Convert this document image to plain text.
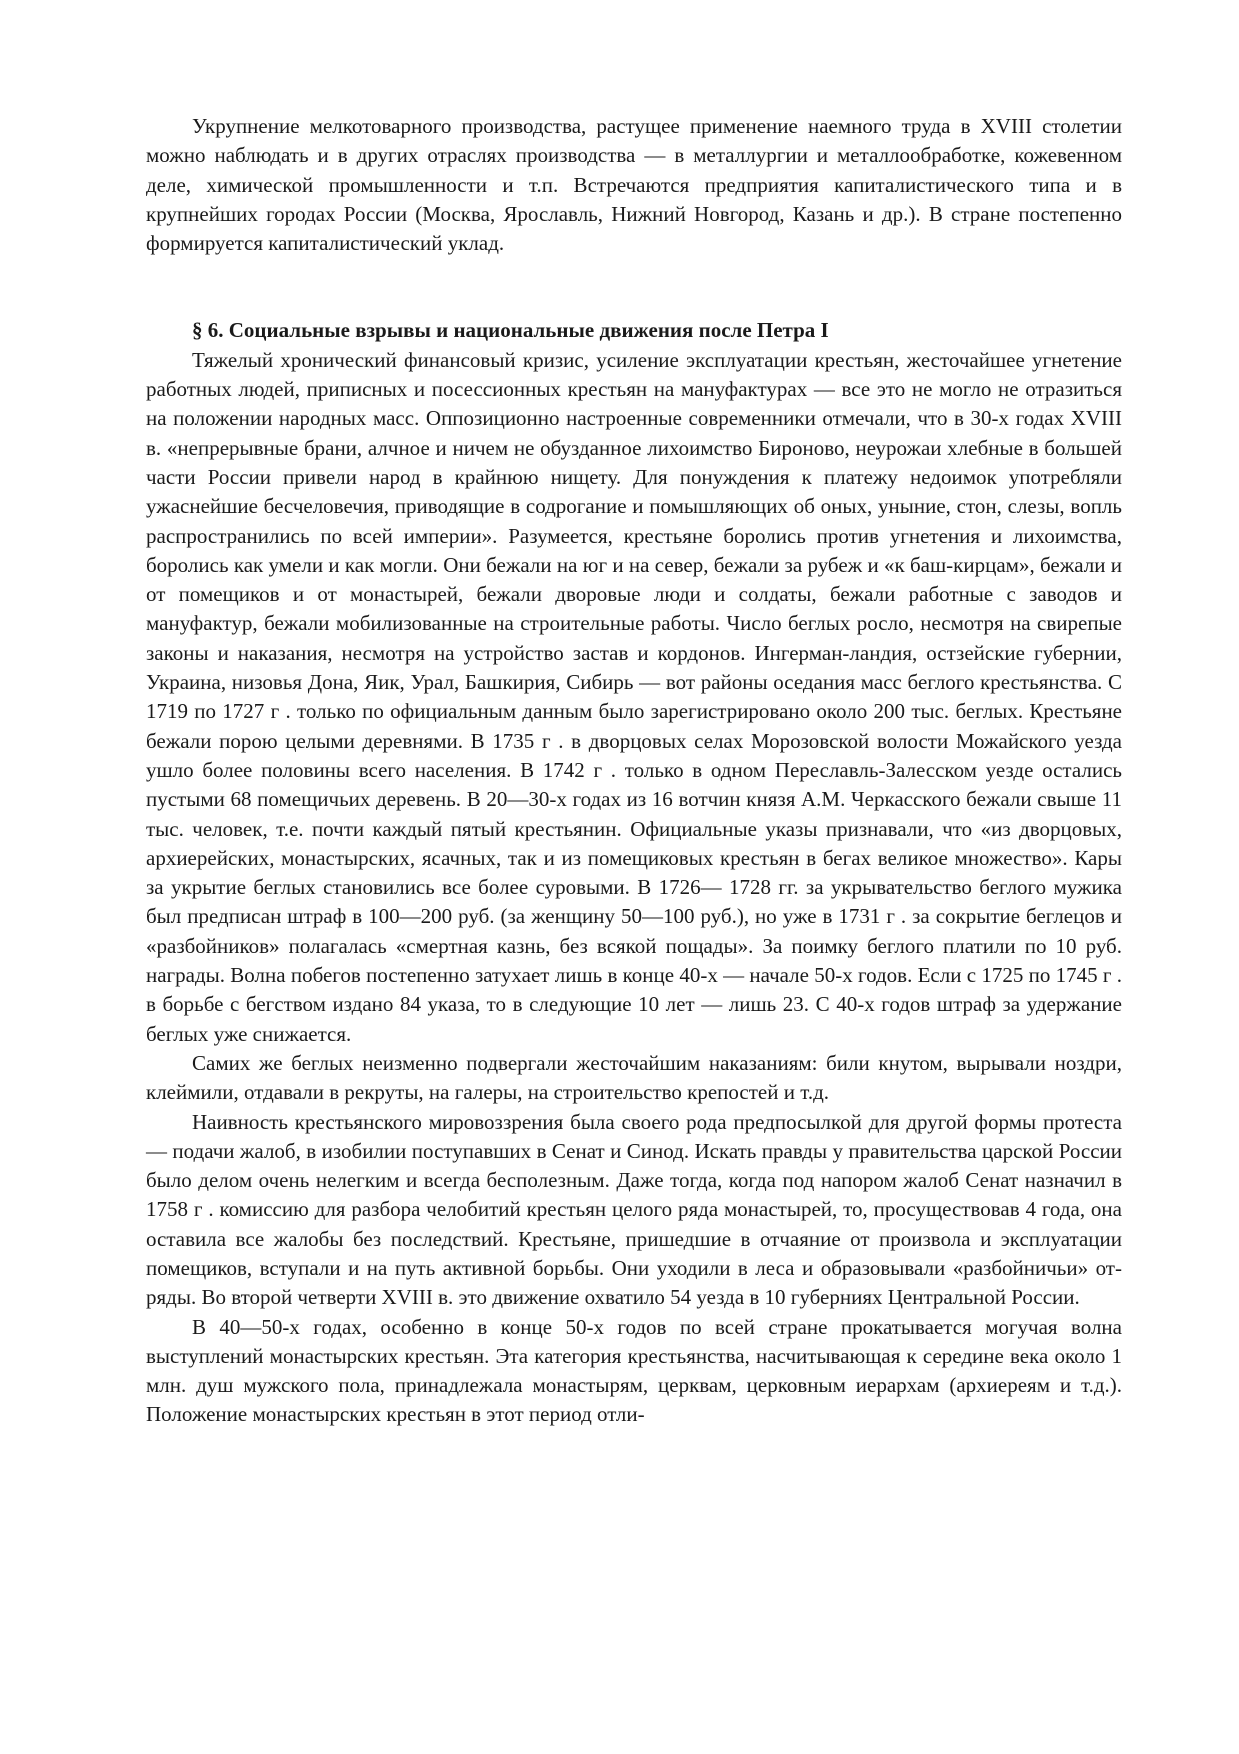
Укрупнение мелкотоварного производства, растущее применение наемного труда в XVIII столетии можно наблюдать и в других отраслях производства — в металлургии и металлообработке, кожевенном деле, химической промышленности и т.п. Встречаются предприятия капиталистического типа и в крупнейших городах России (Москва, Ярославль, Нижний Новгород, Казань и др.). В стране постепенно формируется капиталистический уклад.

§ 6. Социальные взрывы и национальные движения после Петра I

Тяжелый хронический финансовый кризис, усиление эксплуатации крестьян, жесточайшее угнетение работных людей, приписных и посессионных крестьян на мануфактурах — все это не могло не отразиться на положении народных масс. Оппозиционно настроенные современники отмечали, что в 30-х годах XVIII в. «непрерывные брани, алчное и ничем не обузданное лихоимство Бироново, неурожаи хлебные в большей части России привели народ в крайнюю нищету. Для понуждения к платежу недоимок употребляли ужаснейшие бесчеловечия, приводящие в содрогание и помышляющих об оных, уныние, стон, слезы, вопль распространились по всей империи». Разумеется, крестьяне боролись против угнетения и лихоимства, боролись как умели и как могли. Они бежали на юг и на север, бежали за рубеж и «к баш-кирцам», бежали и от помещиков и от монастырей, бежали дворовые люди и солдаты, бежали работные с заводов и мануфактур, бежали мобилизованные на строительные работы. Число беглых росло, несмотря на свирепые законы и наказания, несмотря на устройство застав и кордонов. Ингерман-ландия, остзейские губернии, Украина, низовья Дона, Яик, Урал, Башкирия, Сибирь — вот районы оседания масс беглого крестьянства. С 1719 по 1727 г . только по официальным данным было зарегистрировано около 200 тыс. беглых. Крестьяне бежали порою целыми деревнями. В 1735 г . в дворцовых селах Морозовской волости Можайского уезда ушло более половины всего населения. В 1742 г . только в одном Переславль-Залесском уезде остались пустыми 68 помещичьих деревень. В 20—30-х годах из 16 вотчин князя А.М. Черкасского бежали свыше 11 тыс. человек, т.е. почти каждый пятый крестьянин. Официальные указы признавали, что «из дворцовых, архиерейских, монастырских, ясачных, так и из помещиковых крестьян в бегах великое множество». Кары за укрытие беглых становились все более суровыми. В 1726— 1728 гг. за укрывательство беглого мужика был предписан штраф в 100—200 руб. (за женщину 50—100 руб.), но уже в 1731 г . за сокрытие беглецов и «разбойников» полагалась «смертная казнь, без всякой пощады». За поимку беглого платили по 10 руб. награды. Волна побегов постепенно затухает лишь в конце 40-х — начале 50-х годов. Если с 1725 по 1745 г . в борьбе с бегством издано 84 указа, то в следующие 10 лет — лишь 23. С 40-х годов штраф за удержание беглых уже снижается.

Самих же беглых неизменно подвергали жесточайшим наказаниям: били кнутом, вырывали ноздри, клеймили, отдавали в рекруты, на галеры, на строительство крепостей и т.д.

Наивность крестьянского мировоззрения была своего рода предпосылкой для другой формы протеста — подачи жалоб, в изобилии поступавших в Сенат и Синод. Искать правды у правительства царской России было делом очень нелегким и всегда бесполезным. Даже тогда, когда под напором жалоб Сенат назначил в 1758 г . комиссию для разбора челобитий крестьян целого ряда монастырей, то, просуществовав 4 года, она оставила все жалобы без последствий. Крестьяне, пришедшие в отчаяние от произвола и эксплуатации помещиков, вступали и на путь активной борьбы. Они уходили в леса и образовывали «разбойничьи» отряды. Во второй четверти XVIII в. это движение охватило 54 уезда в 10 губерниях Центральной России.

В 40—50-х годах, особенно в конце 50-х годов по всей стране прокатывается могучая волна выступлений монастырских крестьян. Эта категория крестьянства, насчитывающая к середине века около 1 млн. душ мужского пола, принадлежала монастырям, церквам, церковным иерархам (архиереям и т.д.). Положение монастырских крестьян в этот период отли-
